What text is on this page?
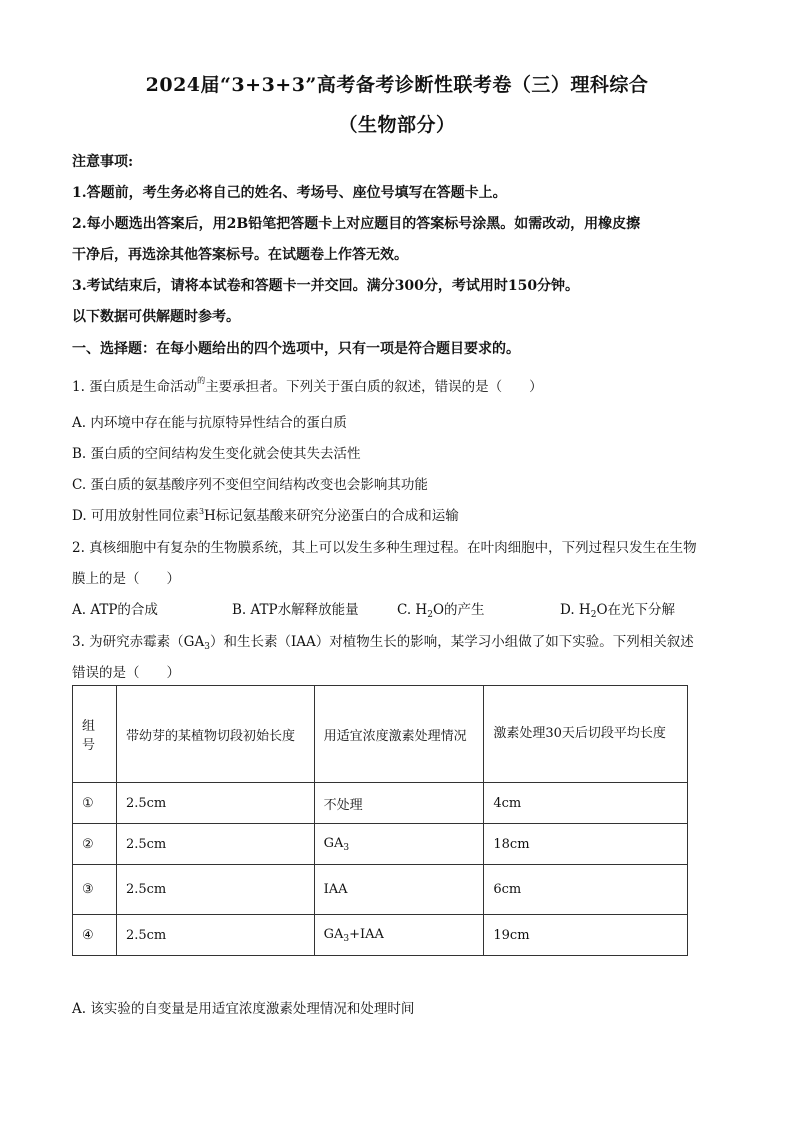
2024届“3+3+3”高考备考诊断性联考卷（三）理科综合
（生物部分）
注意事项:
1.答题前，考生务必将自己的姓名、考场号、座位号填写在答题卡上。
2.每小题选出答案后，用2B铅笔把答题卡上对应题目的答案标号涂黑。如需改动，用橡皮擦
干净后，再选涂其他答案标号。在试题卷上作答无效。
3.考试结束后，请将本试卷和答题卡一并交回。满分300分，考试用时150分钟。
以下数据可供解题时参考。
一、选择题：在每小题给出的四个选项中，只有一项是符合题目要求的。
1. 蛋白质是生命活动$^的$主要承担者。下列关于蛋白质的叙述，错误的是（　　）
A. 内环境中存在能与抗原特异性结合的蛋白质
B. 蛋白质的空间结构发生变化就会使其失去活性
C. 蛋白质的氨基酸序列不变但空间结构改变也会影响其功能
D. 可用放射性同位素$^3$H标记氨基酸来研究分泌蛋白的合成和运输
2. 真核细胞中有复杂的生物膜系统，其上可以发生多种生理过程。在叶肉细胞中，下列过程只发生在生物
膜上的是（　　）
A. ATP的合成	B. ATP水解释放能量	C. $H_2O$的产生	D. $H_2O$在光下分解
3. 为研究赤霉素$(GA_3)$和生长素（IAA）对植物生长的影响，某学习小组做了如下实验。下列相关叙述
错误的是（　　）
组号	带幼芽的某植物切段初始长度	用适宜浓度激素处理情况	激素处理30天后切段平均长度
①	2.5cm	不处理	4cm
②	2.5cm	$GA_3$	18cm
③	2.5cm	IAA	6cm
④	2.5cm	$GA_3+IAA$	19cm
A. 该实验的自变量是用适宜浓度激素处理情况和处理时间
